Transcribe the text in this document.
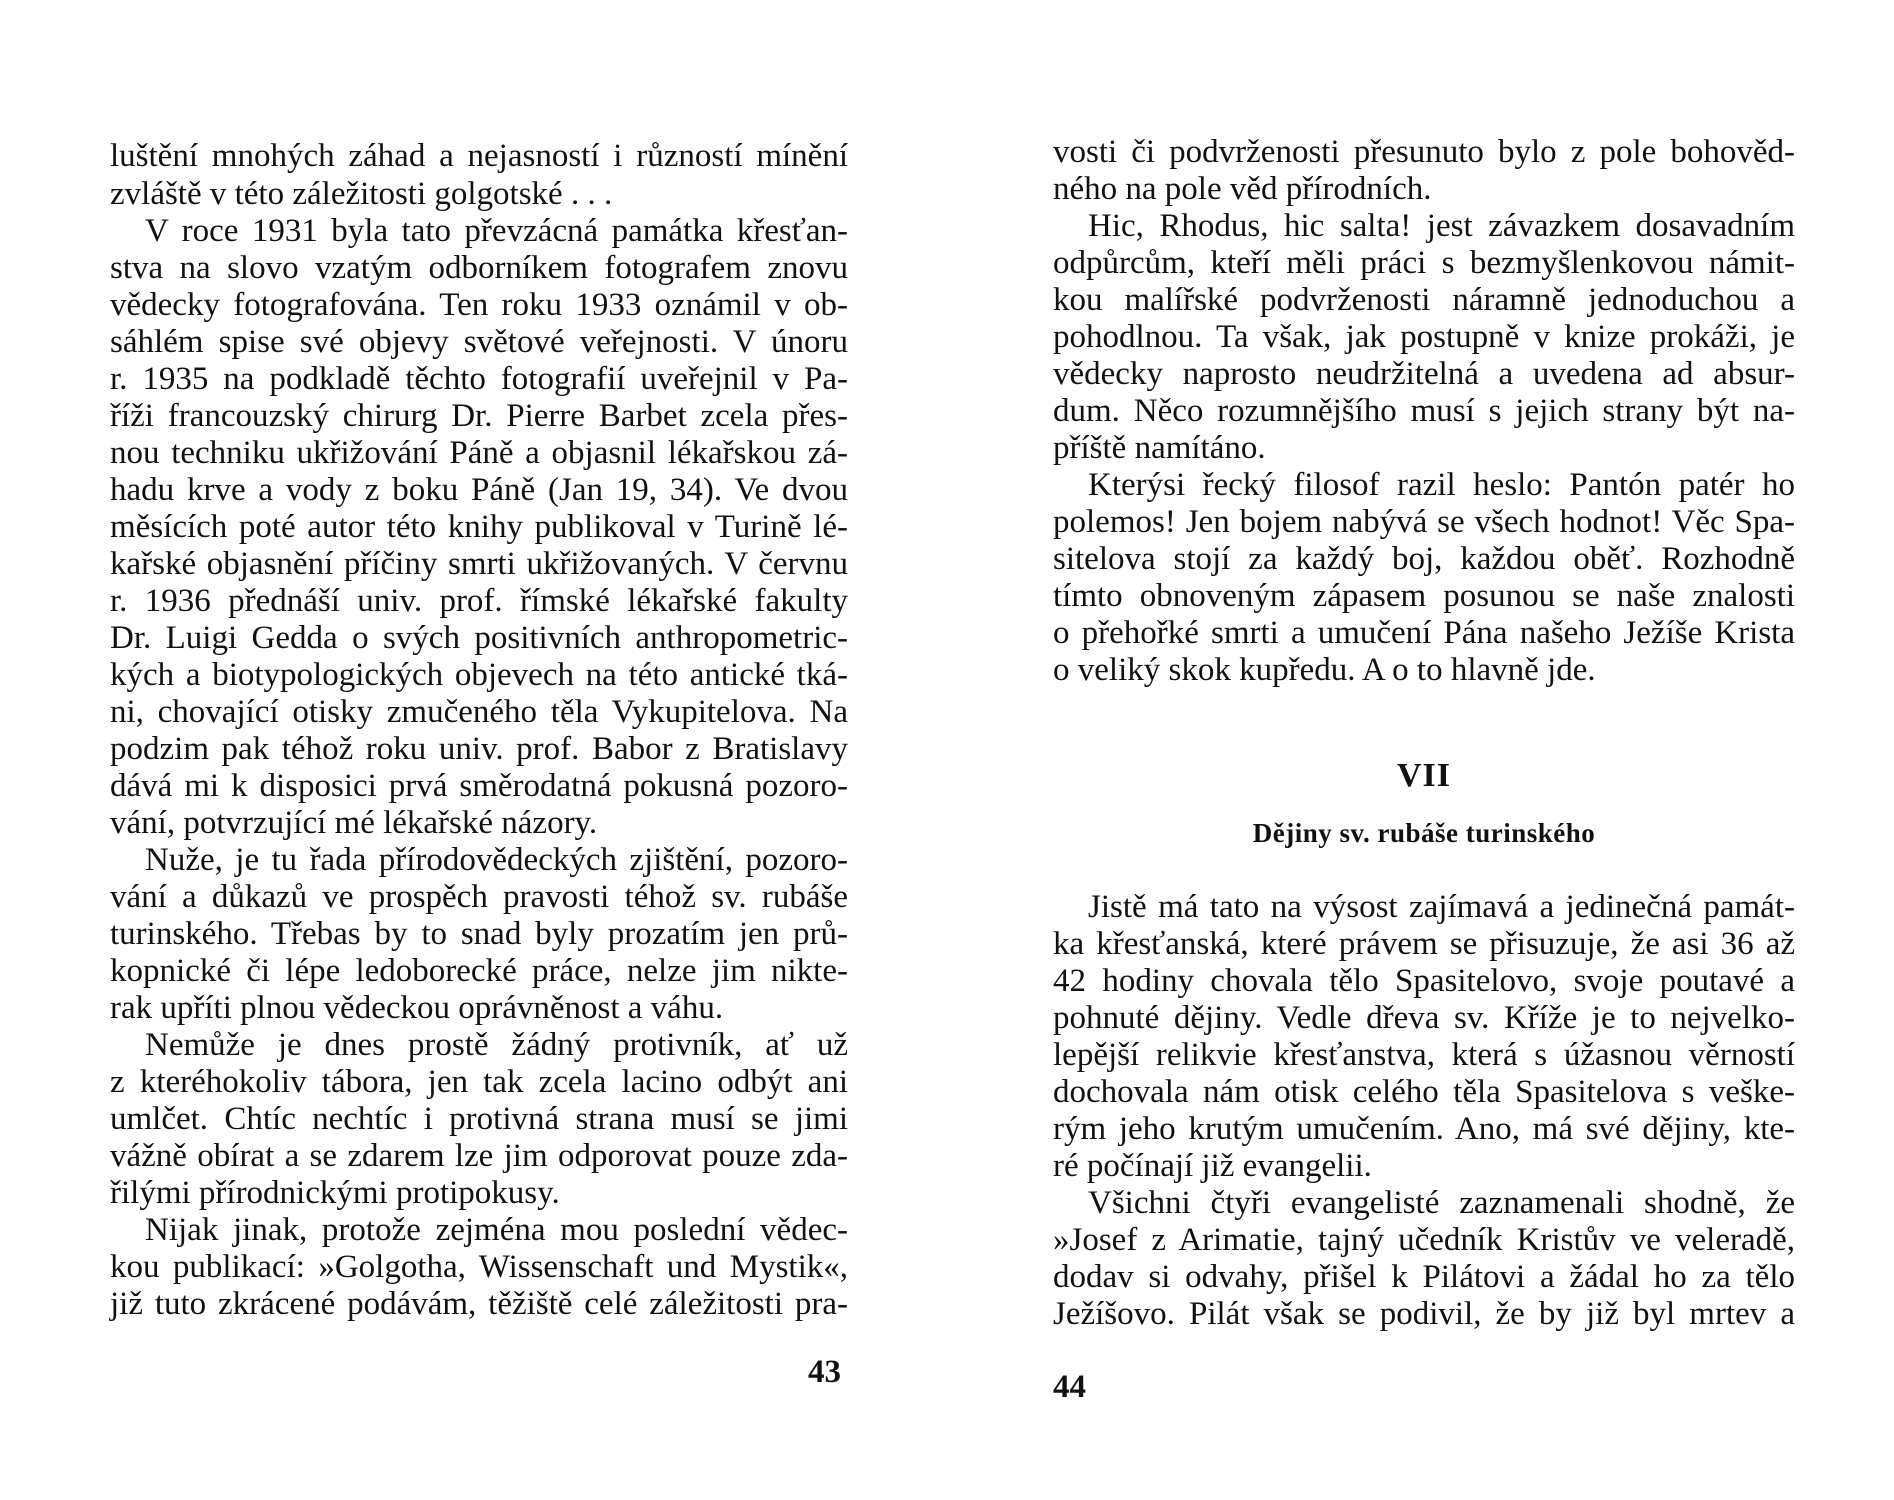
luštění mnohých záhad a nejasností i růzností mínění
zvláště v této záležitosti golgotské . . .
V roce 1931 byla tato převzácná památka křesťan-
stva na slovo vzatým odborníkem fotografem znovu
vědecky fotografována. Ten roku 1933 oznámil v ob-
sáhlém spise své objevy světové veřejnosti. V únoru
r. 1935 na podkladě těchto fotografií uveřejnil v Pa-
říži francouzský chirurg Dr. Pierre Barbet zcela přes-
nou techniku ukřižování Páně a objasnil lékařskou zá-
hadu krve a vody z boku Páně (Jan 19, 34). Ve dvou
měsících poté autor této knihy publikoval v Turině lé-
kařské objasnění příčiny smrti ukřižovaných. V červnu
r. 1936 přednáší univ. prof. římské lékařské fakulty
Dr. Luigi Gedda o svých positivních anthropometric-
kých a biotypologických objevech na této antické tká-
ni, chovající otisky zmučeného těla Vykupitelova. Na
podzim pak téhož roku univ. prof. Babor z Bratislavy
dává mi k disposici prvá směrodatná pokusná pozoro-
vání, potvrzující mé lékařské názory.
Nuže, je tu řada přírodovědeckých zjištění, pozoro-
vání a důkazů ve prospěch pravosti téhož sv. rubáše
turinského. Třebas by to snad byly prozatím jen prů-
kopnické či lépe ledoborecké práce, nelze jim nikte-
rak upříti plnou vědeckou oprávněnost a váhu.
Nemůže je dnes prostě žádný protivník, ať už
z kteréhokoliv tábora, jen tak zcela lacino odbýt ani
umlčet. Chtíc nechtíc i protivná strana musí se jimi
vážně obírat a se zdarem lze jim odporovat pouze zda-
řilými přírodnickými protipokusy.
Nijak jinak, protože zejména mou poslední vědec-
kou publikací: »Golgotha, Wissenschaft und Mystik«,
již tuto zkrácené podávám, těžiště celé záležitosti pra-
43
vosti či podvrženosti přesunuto bylo z pole bohověd-
ného na pole věd přírodních.
Hic, Rhodus, hic salta! jest závazkem dosavadním
odpůrcům, kteří měli práci s bezmyšlenkovou námit-
kou malířské podvrženosti náramně jednoduchou a
pohodlnou. Ta však, jak postupně v knize prokáži, je
vědecky naprosto neudržitelná a uvedena ad absur-
dum. Něco rozumnějšího musí s jejich strany být na-
příště namítáno.
Kterýsi řecký filosof razil heslo: Pantón patér ho
polemos! Jen bojem nabývá se všech hodnot! Věc Spa-
sitelova stojí za každý boj, každou oběť. Rozhodně
tímto obnoveným zápasem posunou se naše znalosti
o přehořké smrti a umučení Pána našeho Ježíše Krista
o veliký skok kupředu. A o to hlavně jde.
VII
Dějiny sv. rubáše turinského
Jistě má tato na výsost zajímavá a jedinečná památ-
ka křesťanská, které právem se přisuzuje, že asi 36 až
42 hodiny chovala tělo Spasitelovo, svoje poutavé a
pohnuté dějiny. Vedle dřeva sv. Kříže je to nejvelko-
lepější relikvie křesťanstva, která s úžasnou věrností
dochovala nám otisk celého těla Spasitelova s veške-
rým jeho krutým umučením. Ano, má své dějiny, kte-
ré počínají již evangelii.
Všichni čtyři evangelisté zaznamenali shodně, že
»Josef z Arimatie, tajný učedník Kristův ve veleradě,
dodav si odvahy, přišel k Pilátovi a žádal ho za tělo
Ježíšovo. Pilát však se podivil, že by již byl mrtev a
44
